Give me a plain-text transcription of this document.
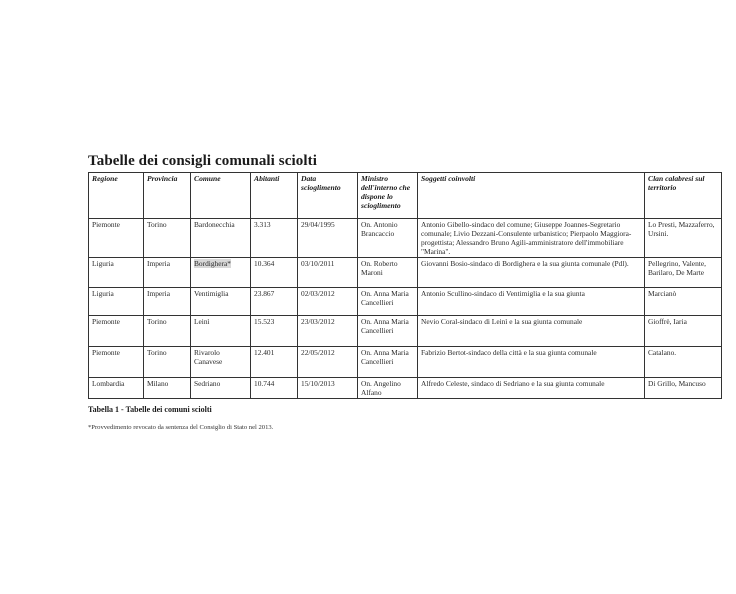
Tabelle dei consigli comunali sciolti
Regione	Provincia	Comune	Abitanti	Data scioglimento	Ministro dell'interno che dispone lo scioglimento	Soggetti coinvolti	Clan calabresi sul territorio
Piemonte	Torino	Bardonecchia	3.313	29/04/1995	On. Antonio Brancaccio	Antonio Gibello-sindaco del comune; Giuseppe Joannes-Segretario comunale; Livio Dezzani-Consulente urbanistico; Pierpaolo Maggiora-progettista; Alessandro Bruno Agili-amministratore dell'immobiliare "Marina".	Lo Presti, Mazzaferro, Ursini.
Liguria	Imperia	Bordighera*	10.364	03/10/2011	On. Roberto Maroni	Giovanni Bosio-sindaco di Bordighera e la sua giunta comunale (Pdl).	Pellegrino, Valente, Barilaro, De Marte
Liguria	Imperia	Ventimiglia	23.867	02/03/2012	On. Anna Maria Cancellieri	Antonio Scullino-sindaco di Ventimiglia e la sua giunta	Marcianò
Piemonte	Torino	Leinì	15.523	23/03/2012	On. Anna Maria Cancellieri	Nevio Coral-sindaco di Leinì e la sua giunta comunale	Gioffrè, Iaria
Piemonte	Torino	Rivarolo Canavese	12.401	22/05/2012	On. Anna Maria Cancellieri	Fabrizio Bertot-sindaco della città e la sua giunta comunale	Catalano.
Lombardia	Milano	Sedriano	10.744	15/10/2013	On. Angelino Alfano	Alfredo Celeste, sindaco di Sedriano e la sua giunta comunale	Di Grillo, Mancuso
Tabella 1 - Tabelle dei comuni sciolti
*Provvedimento revocato da sentenza del Consiglio di Stato nel 2013.
